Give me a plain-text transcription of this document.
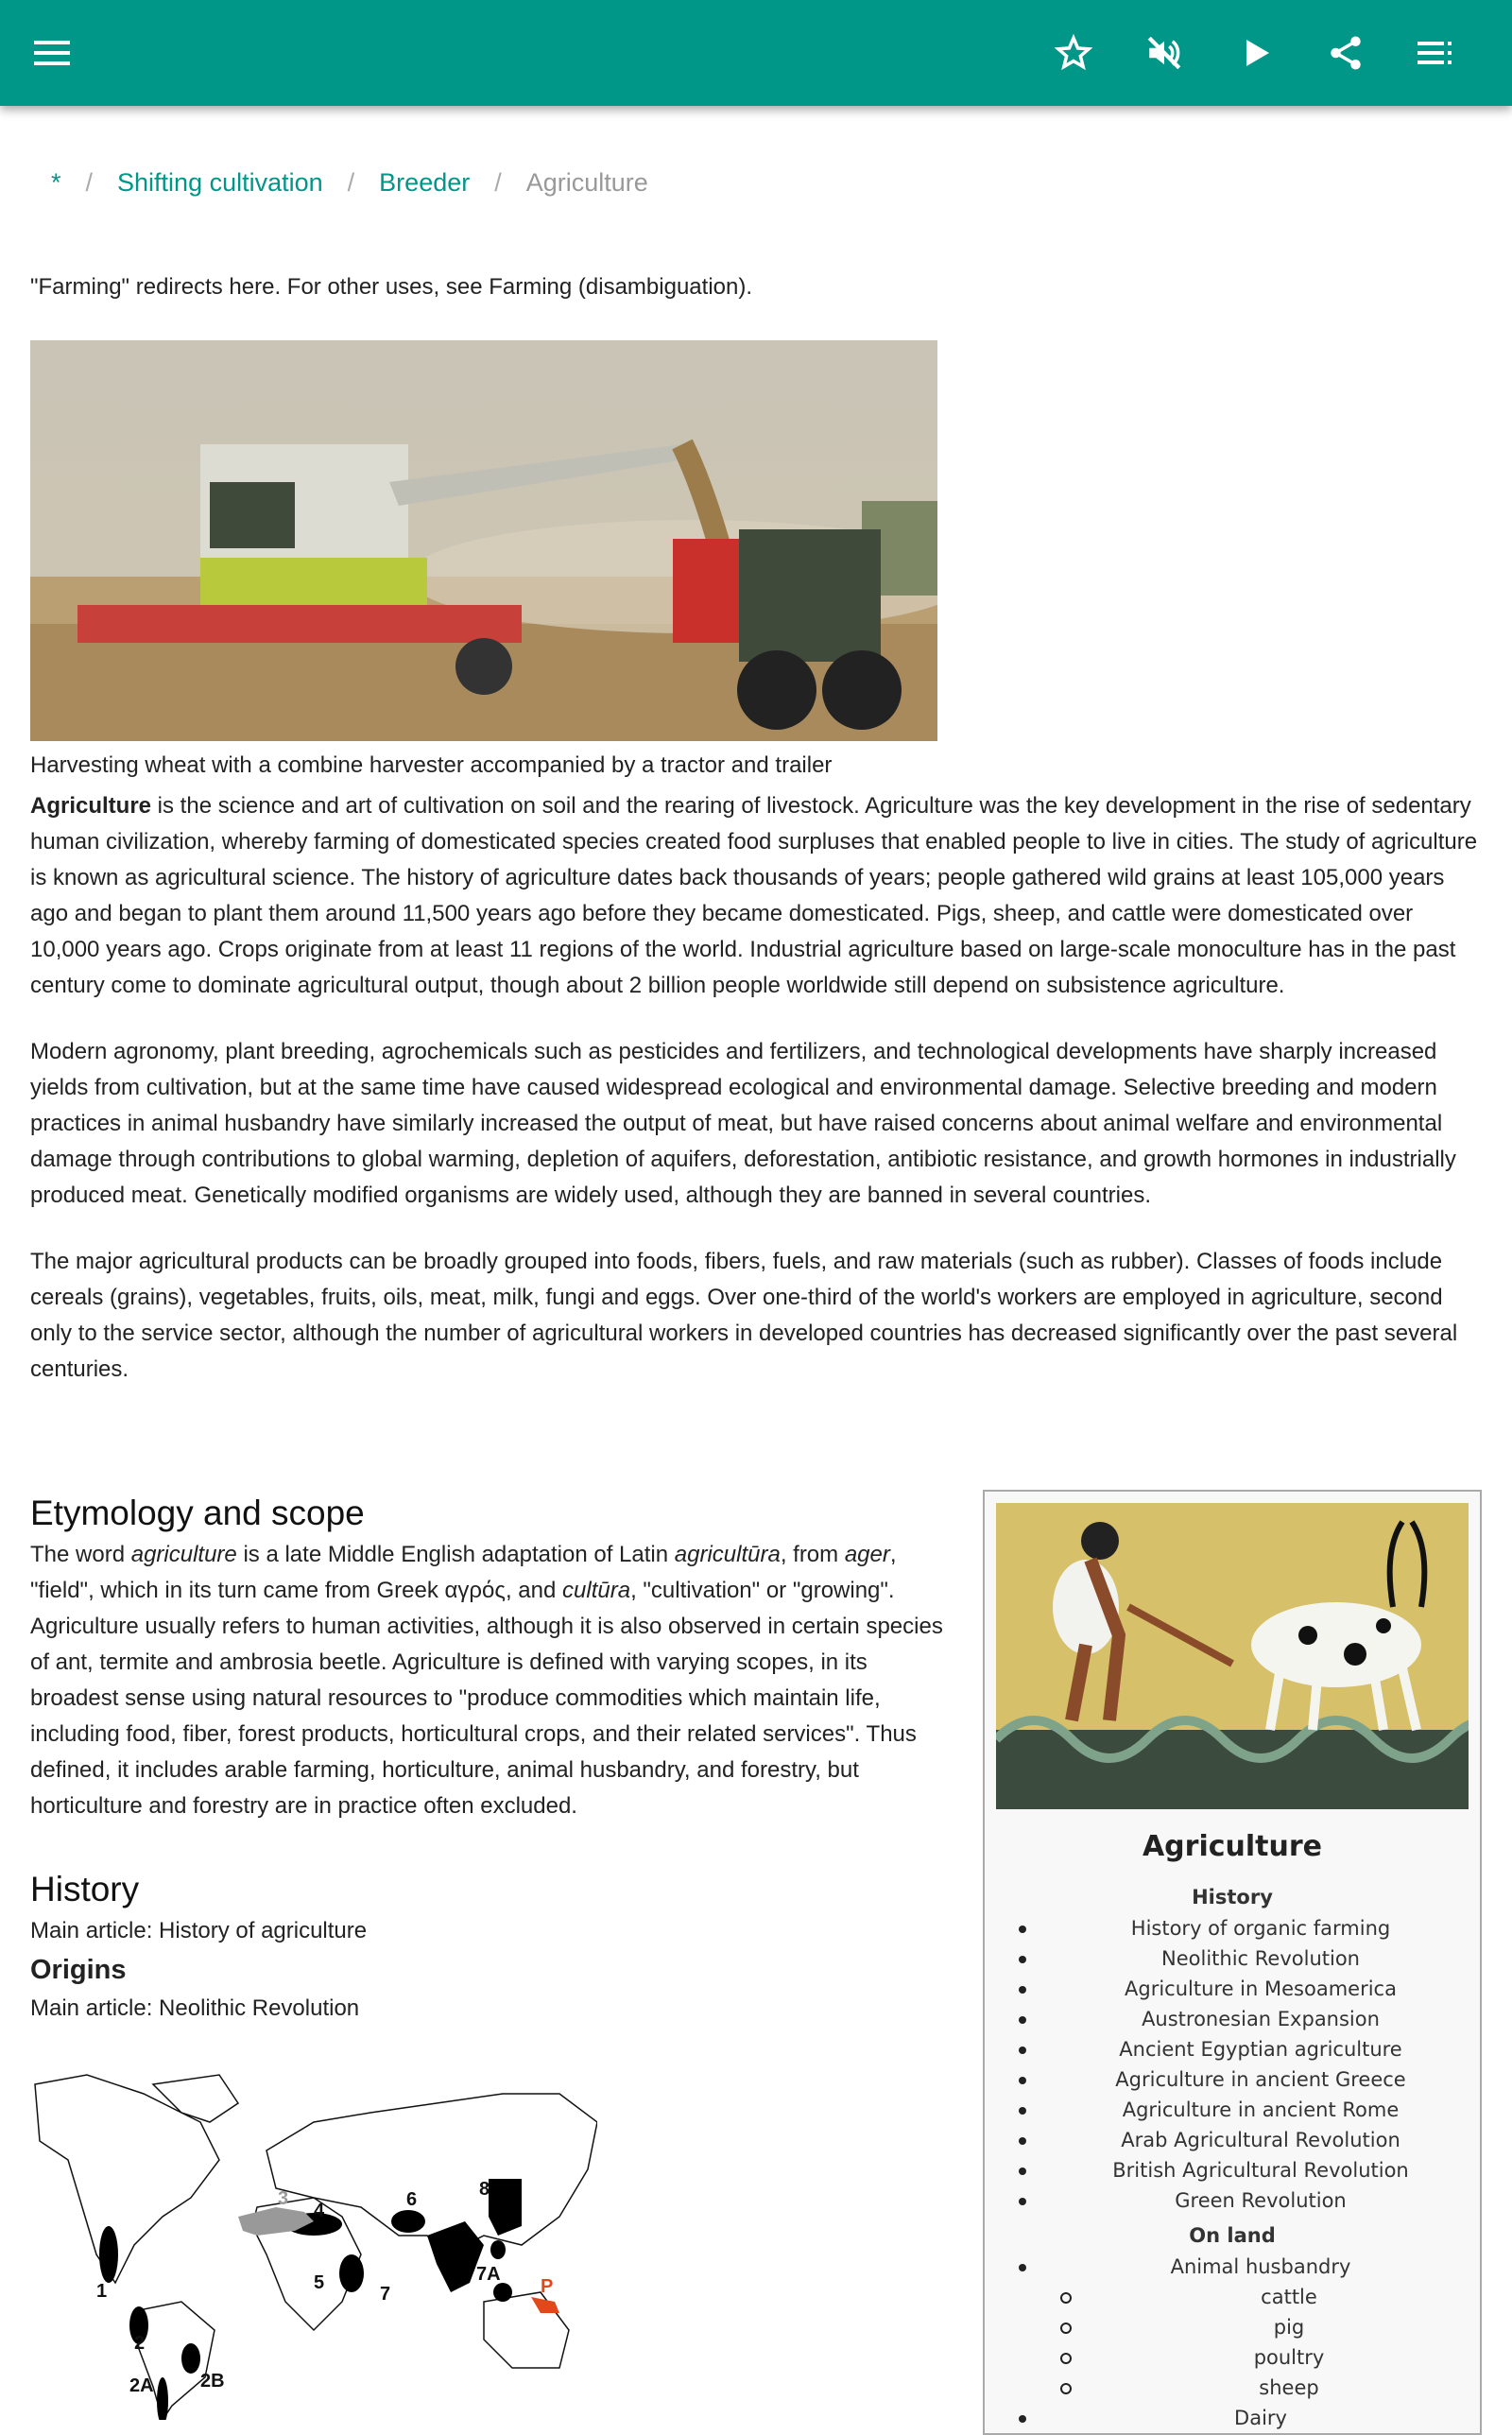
* / Shifting cultivation / Breeder / Agriculture
"Farming" redirects here. For other uses, see Farming (disambiguation).
Harvesting wheat with a combine harvester accompanied by a tractor and trailer

Agriculture is the science and art of cultivation on soil and the rearing of livestock. Agriculture was the key development in the rise of sedentary human civilization, whereby farming of domesticated species created food surpluses that enabled people to live in cities. The study of agriculture is known as agricultural science. The history of agriculture dates back thousands of years; people gathered wild grains at least 105,000 years ago and began to plant them around 11,500 years ago before they became domesticated. Pigs, sheep, and cattle were domesticated over 10,000 years ago. Crops originate from at least 11 regions of the world. Industrial agriculture based on large-scale monoculture has in the past century come to dominate agricultural output, though about 2 billion people worldwide still depend on subsistence agriculture.

Modern agronomy, plant breeding, agrochemicals such as pesticides and fertilizers, and technological developments have sharply increased yields from cultivation, but at the same time have caused widespread ecological and environmental damage. Selective breeding and modern practices in animal husbandry have similarly increased the output of meat, but have raised concerns about animal welfare and environmental damage through contributions to global warming, depletion of aquifers, deforestation, antibiotic resistance, and growth hormones in industrially produced meat. Genetically modified organisms are widely used, although they are banned in several countries.

The major agricultural products can be broadly grouped into foods, fibers, fuels, and raw materials (such as rubber). Classes of foods include cereals (grains), vegetables, fruits, oils, meat, milk, fungi and eggs. Over one-third of the world's workers are employed in agriculture, second only to the service sector, although the number of agricultural workers in developed countries has decreased significantly over the past several centuries.

Etymology and scope

The word agriculture is a late Middle English adaptation of Latin agricultūra, from ager, "field", which in its turn came from Greek αγρός, and cultūra, "cultivation" or "growing". Agriculture usually refers to human activities, although it is also observed in certain species of ant, termite and ambrosia beetle. Agriculture is defined with varying scopes, in its broadest sense using natural resources to "produce commodities which maintain life, including food, fiber, forest products, horticultural crops, and their related services". Thus defined, it includes arable farming, horticulture, animal husbandry, and forestry, but horticulture and forestry are in practice often excluded.

History

Main article: History of agriculture

Origins

Main article: Neolithic Revolution

1
2
2A 2B
3
4
5
6
7
7A
8
P
Agriculture
History
History of organic farming
Neolithic Revolution
Agriculture in Mesoamerica
Austronesian Expansion
Ancient Egyptian agriculture
Agriculture in ancient Greece
Agriculture in ancient Rome
Arab Agricultural Revolution
British Agricultural Revolution
Green Revolution
On land
Animal husbandry
cattle
pig
poultry
sheep
Dairy
